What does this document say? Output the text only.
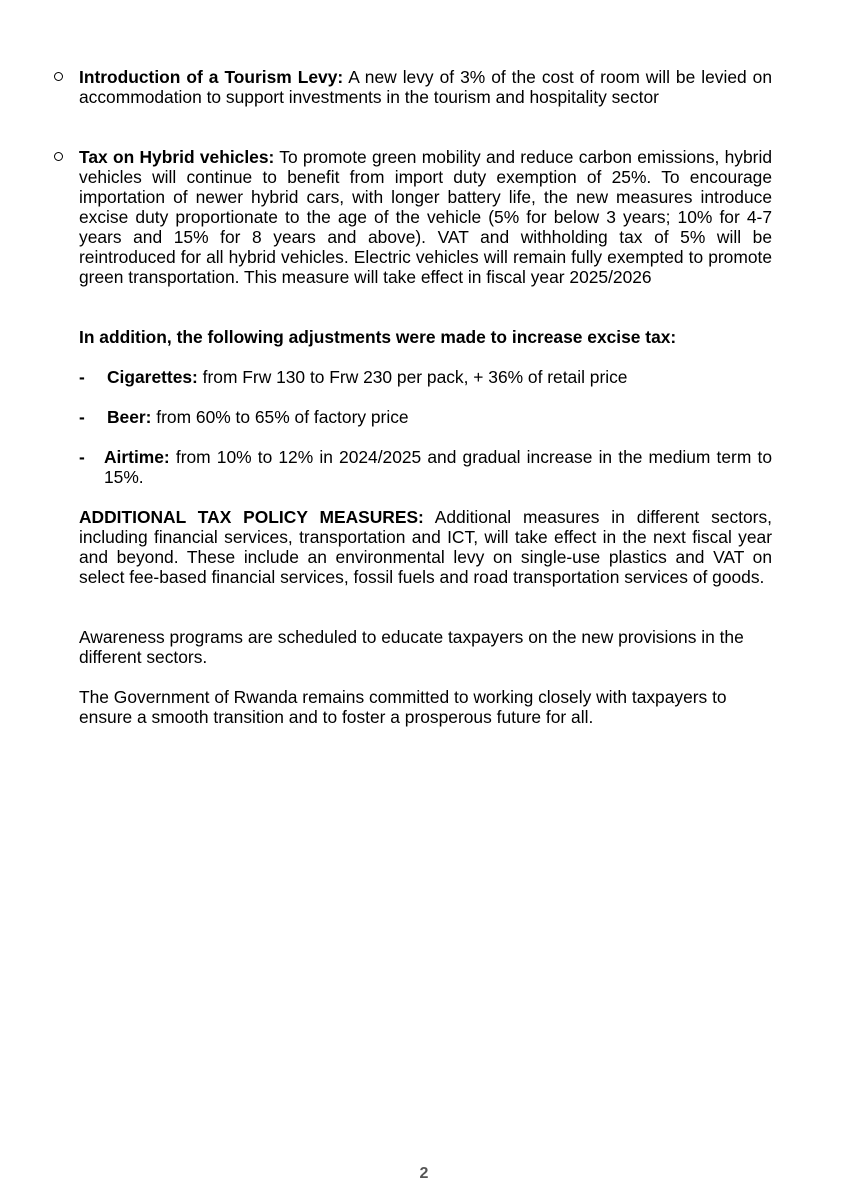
Introduction of a Tourism Levy: A new levy of 3% of the cost of room will be levied on accommodation to support investments in the tourism and hospitality sector
Tax on Hybrid vehicles: To promote green mobility and reduce carbon emissions, hybrid vehicles will continue to benefit from import duty exemption of 25%. To encourage importation of newer hybrid cars, with longer battery life, the new measures introduce excise duty proportionate to the age of the vehicle (5% for below 3 years; 10% for 4-7 years and 15% for 8 years and above). VAT and withholding tax of 5% will be reintroduced for all hybrid vehicles. Electric vehicles will remain fully exempted to promote green transportation. This measure will take effect in fiscal year 2025/2026
In addition, the following adjustments were made to increase excise tax:
- Cigarettes: from Frw 130 to Frw 230 per pack, + 36% of retail price
- Beer: from 60% to 65% of factory price
- Airtime: from 10% to 12% in 2024/2025 and gradual increase in the medium term to 15%.
ADDITIONAL TAX POLICY MEASURES: Additional measures in different sectors, including financial services, transportation and ICT, will take effect in the next fiscal year and beyond. These include an environmental levy on single-use plastics and VAT on select fee-based financial services, fossil fuels and road transportation services of goods.
Awareness programs are scheduled to educate taxpayers on the new provisions in the different sectors.
The Government of Rwanda remains committed to working closely with taxpayers to ensure a smooth transition and to foster a prosperous future for all.
2
